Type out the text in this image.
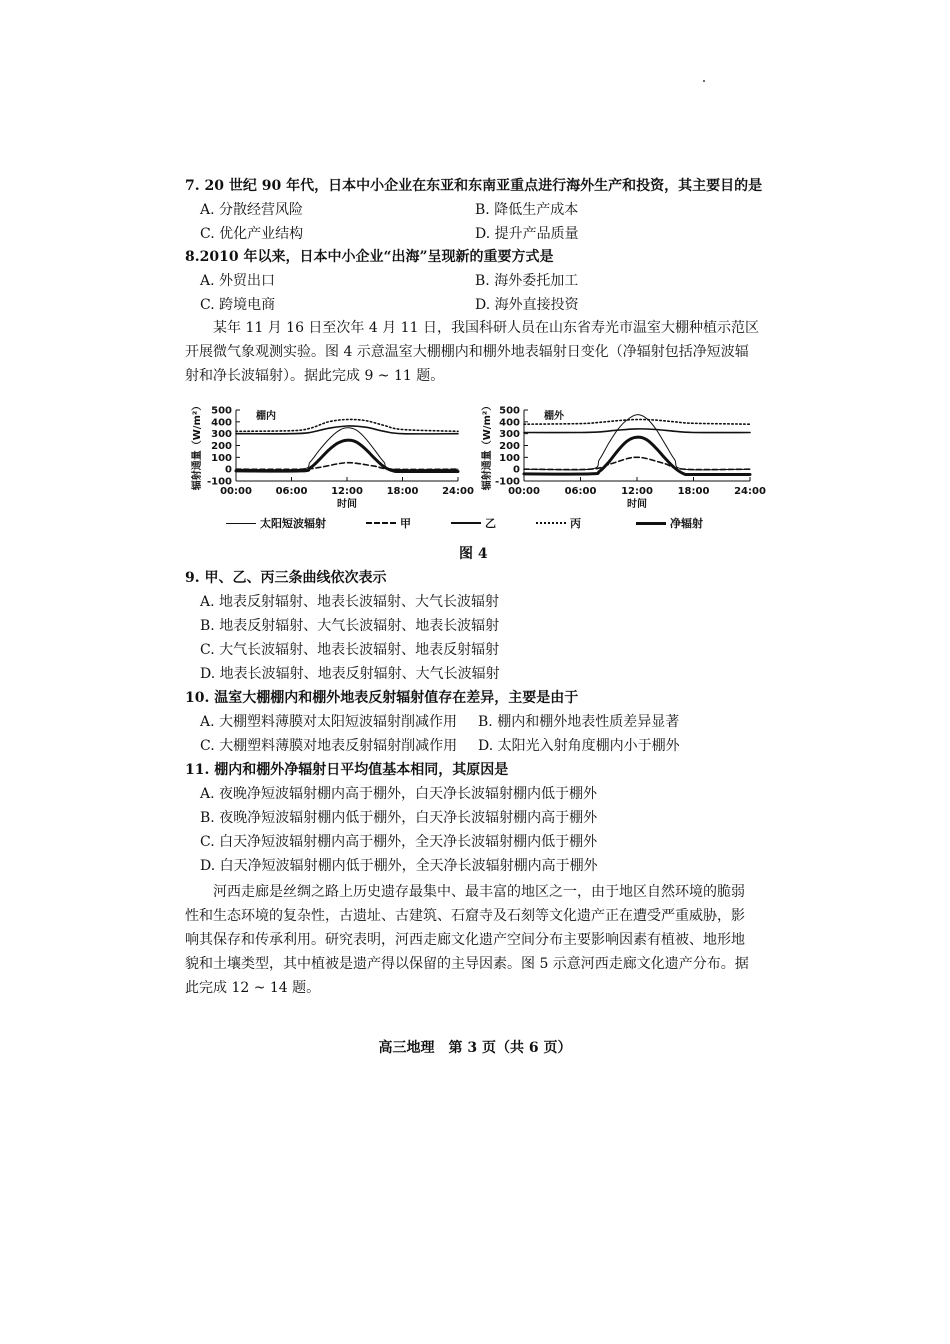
7. 20 世纪 90 年代，日本中小企业在东亚和东南亚重点进行海外生产和投资，其主要目的是
A. 分散经营风险	B. 降低生产成本
C. 优化产业结构	D. 提升产品质量
8.2010 年以来，日本中小企业“出海”呈现新的重要方式是
A. 外贸出口	B. 海外委托加工
C. 跨境电商	D. 海外直接投资
某年 11 月 16 日至次年 4 月 11 日，我国科研人员在山东省寿光市温室大棚种植示范区
开展微气象观测实验。图 4 示意温室大棚棚内和棚外地表辐射日变化（净辐射包括净短波辐
射和净长波辐射）。据此完成 9 ~ 11 题。
500
400
300
200
100
0
-100
00:00 06:00 12:00 18:00 24:00
时间
辐射通量（W/m²）	棚内	500
400
300
200
100
0
-100
00:00 06:00 12:00 18:00 24:00
时间
辐射通量（W/m²）	棚外
太阳短波辐射	甲	乙	丙	净辐射
图 4
9. 甲、乙、丙三条曲线依次表示
A. 地表反射辐射、地表长波辐射、大气长波辐射
B. 地表反射辐射、大气长波辐射、地表长波辐射
C. 大气长波辐射、地表长波辐射、地表反射辐射
D. 地表长波辐射、地表反射辐射、大气长波辐射
10. 温室大棚棚内和棚外地表反射辐射值存在差异，主要是由于
A. 大棚塑料薄膜对太阳短波辐射削减作用 B. 棚内和棚外地表性质差异显著
C. 大棚塑料薄膜对地表反射辐射削减作用 D. 太阳光入射角度棚内小于棚外
11. 棚内和棚外净辐射日平均值基本相同，其原因是
A. 夜晚净短波辐射棚内高于棚外，白天净长波辐射棚内低于棚外
B. 夜晚净短波辐射棚内低于棚外，白天净长波辐射棚内高于棚外
C. 白天净短波辐射棚内高于棚外，全天净长波辐射棚内低于棚外
D. 白天净短波辐射棚内低于棚外，全天净长波辐射棚内高于棚外
河西走廊是丝绸之路上历史遗存最集中、最丰富的地区之一，由于地区自然环境的脆弱
性和生态环境的复杂性，古遗址、古建筑、石窟寺及石刻等文化遗产正在遭受严重威胁，影
响其保存和传承利用。研究表明，河西走廊文化遗产空间分布主要影响因素有植被、地形地
貌和土壤类型，其中植被是遗产得以保留的主导因素。图 5 示意河西走廊文化遗产分布。据
此完成 12 ~ 14 题。
高三地理　第 3 页（共 6 页）
